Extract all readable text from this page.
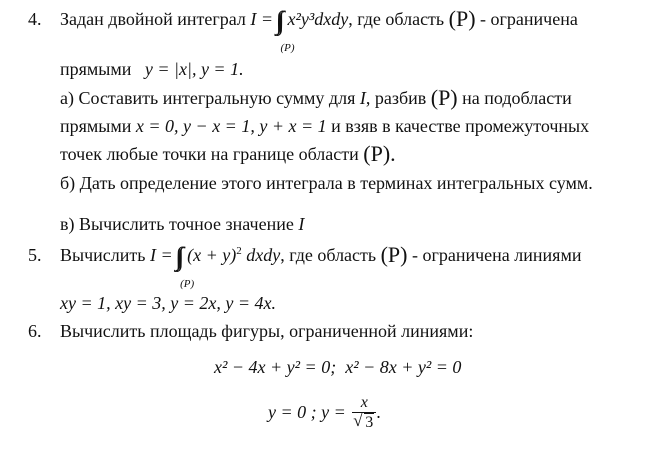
4. Задан двойной интеграл I =
(P)
x²y³dxdy, где область (P) - ограничена
прямыми y = |x|, y = 1.
а) Составить интегральную сумму для I, разбив (P) на подобласти
прямыми x = 0, y − x = 1, y + x = 1 и взяв в качестве промежуточных
точек любые точки на границе области (P).
б) Дать определение этого интеграла в терминах интегральных сумм.
в) Вычислить точное значение I
5. Вычислить I =
(P)
$(x + y)^2$ dxdy, где область (P) - ограничена линиями
xy = 1, xy = 3, y = 2x, y = 4x.
6. Вычислить площадь фигуры, ограниченной линиями:
x² − 4x + y² = 0; x² − 8x + y² = 0
y = 0 ; y = x
√ 3 .
